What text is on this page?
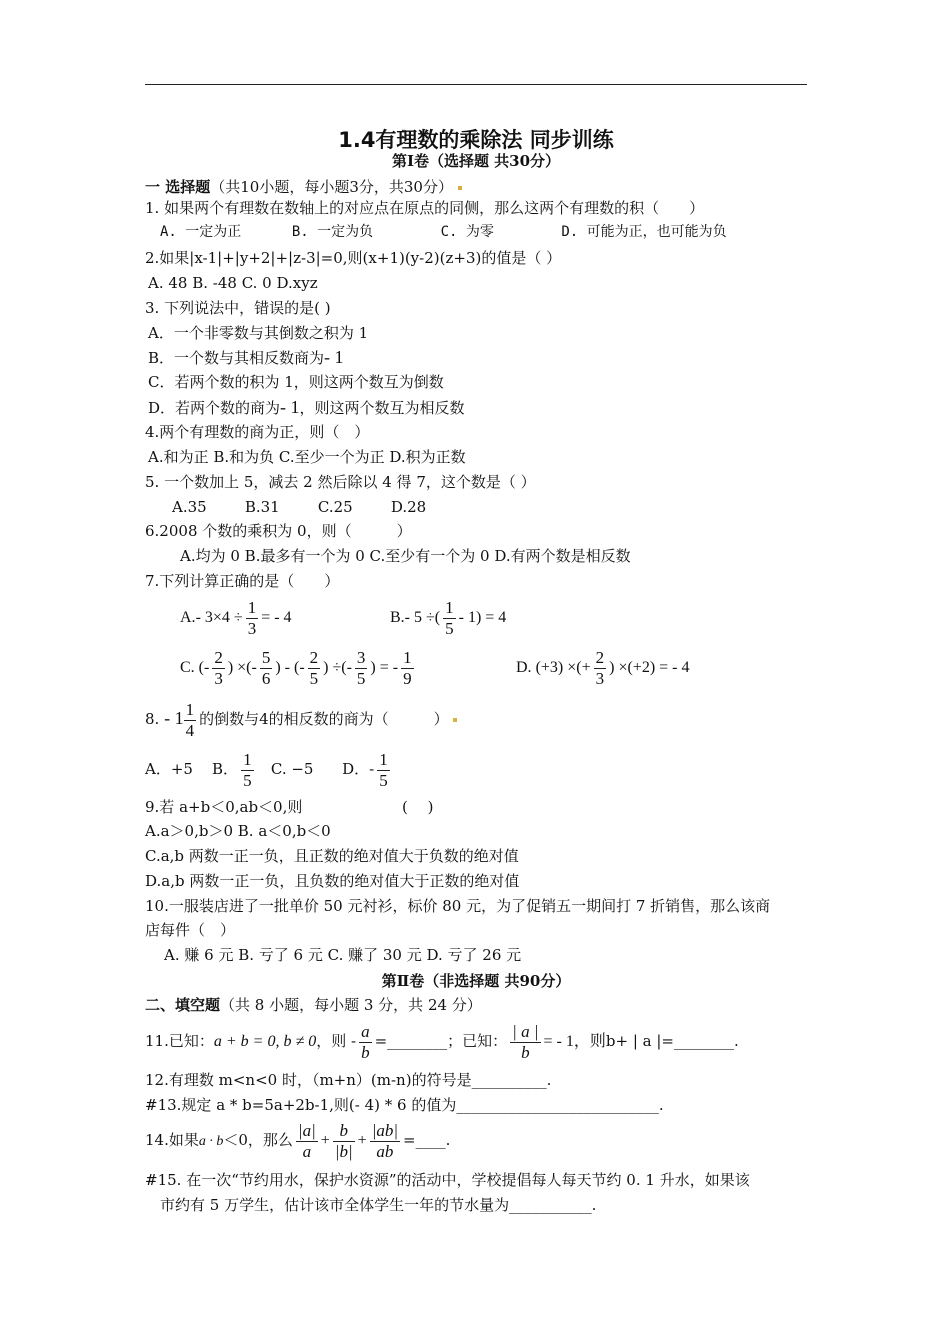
1.4有理数的乘除法 同步训练
第Ⅰ卷（选择题 共30分）
一 选择题（共10小题，每小题3分，共30分）
1. 如果两个有理数在数轴上的对应点在原点的同侧，那么这两个有理数的积（　　）
A. 一定为正	B. 一定为负	C. 为零	D. 可能为正，也可能为负
2.如果|x-1|+|y+2|+|z-3|=0,则(x+1)(y-2)(z+3)的值是（ ）
A. 48 B. -48 C. 0 D.xyz
3. 下列说法中，错误的是( )
A．一个非零数与其倒数之积为 1
B．一个数与其相反数商为- 1
C．若两个数的积为 1，则这两个数互为倒数
D．若两个数的商为- 1，则这两个数互为相反数
4.两个有理数的商为正，则（　）
A.和为正 B.和为负 C.至少一个为正 D.积为正数
5. 一个数加上 5，减去 2 然后除以 4 得 7，这个数是（ ）
A.35	B.31	C.25	D.28
6.2008 个数的乘积为 0，则（　　　）
A.均为 0 B.最多有一个为 0 C.至少有一个为 0 D.有两个数是相反数
7.下列计算正确的是（　　）
A.- $3\times 4 \div \frac{1}{3}$ = - 4	B.- 5 ÷( $\frac{1}{5} - 1) = 4$
C. (- $\frac{2}{3}$ ) ×(- $\frac{5}{6}$ ) - (- $\frac{2}{5}$ ) ÷(- $\frac{3}{5}$ ) = - $\frac{1}{9}$	D. (+3) ×(+ $\frac{2}{3}$ ) ×(+2) = - 4
8. - $1 \frac{1}{4}$ 的倒数与4的相反数的商为（　　　）
A．+5 B． $\frac{1}{5} C$. −5 D．- $\frac{1}{5}$
9.若 a+b＜0,ab＜0,则	(　 )
A.a＞0,b＞0 B. a＜0,b＜0
C.a,b 两数一正一负，且正数的绝对值大于负数的绝对值
D.a,b 两数一正一负，且负数的绝对值大于正数的绝对值
10.一服装店进了一批单价 50 元衬衫，标价 80 元，为了促销五一期间打 7 折销售，那么该商
店每件（　）
A. 赚 6 元 B. 亏了 6 元 C. 赚了 30 元 D. 亏了 26 元
第Ⅱ卷（非选择题 共90分）
二、填空题（共 8 小题，每小题 3 分，共 24 分）
11.已知：a + b = 0, b ≠ 0，则 - $\frac{a}{b}$ =________；已知： $\frac{| a |}{b}$ = - 1，则b+ | a |=________.
12.有理数 m<n<0 时，（m+n）(m-n)的符号是__________.
#13.规定 a * b=5a+2b-1,则(- 4) * 6 的值为___________________________.
14.如果a · b＜0，那么 $\frac{|a|}{a} + \frac{b}{|b|} + \frac{|ab|}{ab}$ =____.
#15. 在一次“节约用水，保护水资源”的活动中，学校提倡每人每天节约 0. 1 升水，如果该
市约有 5 万学生，估计该市全体学生一年的节水量为___________.
